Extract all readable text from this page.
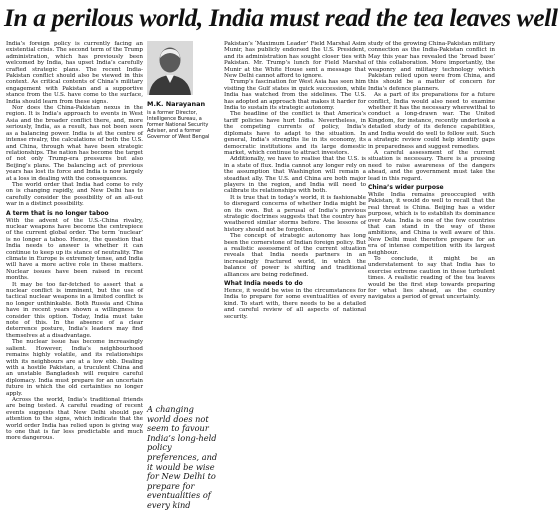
In a perilous world, India must read the tea leaves well

India’s foreign policy is currently facing an existential crisis. The second term of the Trump administration, which has previously been welcomed by India, has upset India’s carefully crafted strategic plans. The recent India-Pakistan conflict should also be viewed in this context. As critical contents of China’s military engagement with Pakistan and a supportive stance from the U.S. have come to the surface, India should learn from these signs.

Nor does the China-Pakistan nexus in the region. It is India’s approach to events in West Asia and the broader conflict there, and, more seriously, India, as a result, has not been seen as a balancing power. India is at the centre of intense rivalry, the calculations of both the U.S. and China, through what have been strategic relationships. The nation has become the target of not only Trump-era pressures but also Beijing’s plans. The balancing act of previous years has lost its force and India is now largely at a loss in dealing with the consequences.

The world order that India had come to rely on is changing rapidly, and New Delhi has to carefully consider the possibility of an all-out war in a distinct possibility.

A term that is no longer taboo

With the advent of the U.S.-China rivalry, nuclear weapons have become the centrepiece of the current global order. The term ‘nuclear’ is no longer a taboo. Hence, the question that India needs to answer is whether it can continue to keep up its stance of neutrality. The climate in Europe is extremely tense, and India will have a more active role in these matters. Nuclear issues have been raised in recent months.

It may be too far-fetched to assert that a nuclear conflict is imminent, but the use of tactical nuclear weapons in a limited conflict is no longer unthinkable. Both Russia and China have in recent years shown a willingness to consider this option. Today, India must take note of this. In the absence of a clear deterrence posture, India’s leaders may find themselves at a disadvantage.

The nuclear issue has become increasingly salient. However, India’s neighbourhood remains highly volatile, and its relationships with its neighbours are at a low ebb. Dealing with a hostile Pakistan, a truculent China and an unstable Bangladesh will require careful diplomacy. India must prepare for an uncertain future in which the old certainties no longer apply.

Across the world, India’s traditional friends are being tested. A careful reading of recent events suggests that New Delhi should pay attention to the signs, which indicate that the world order India has relied upon is giving way to one that is far less predictable and much more dangerous.

M.K. Narayanan
is a former Director, Intelligence Bureau, a former National Security Adviser, and a former Governor of West Bengal
A changing world does not seem to favour India’s long-held policy preferences, and it would be wise for New Delhi to prepare for eventualities of every kind

Pakistan’s ‘Maximum Leader’ Field Marshal Asim Munir, has publicly endorsed the U.S. President, and its administration has sought closer ties with Pakistan. Mr. Trump’s lunch for Field Marshal Munir at the White House sent a message that New Delhi cannot afford to ignore.

Trump’s fascination for West Asia has seen him visiting the Gulf states in quick succession, while India has watched from the sidelines. The U.S. has adopted an approach that makes it harder for India to sustain its strategic autonomy.

The headline of the conflict is that America’s tariff policies have hurt India. Nevertheless, in the competing currents of policy, India’s diplomats have to adapt to the situation. In general, India’s strengths lie in its economy, its democratic institutions and its large domestic market, which continue to attract investors.

Additionally, we have to realise that the U.S. is in a state of flux. India cannot any longer rely on the assumption that Washington will remain a steadfast ally. The U.S. and China are both major players in the region, and India will need to calibrate its relationships with both.

It is true that in today’s world, it is fashionable to disregard concerns of whether India might be on its own. But a perusal of India’s previous strategic doctrines suggests that the country has weathered similar storms before. The lessons of history should not be forgotten.

The concept of strategic autonomy has long been the cornerstone of Indian foreign policy. But a realistic assessment of the current situation reveals that India needs partners in an increasingly fractured world, in which the balance of power is shifting and traditional alliances are being redefined.

What India needs to do

Hence, it would be wise in the circumstances for India to prepare for some eventualities of every kind. To start with, there needs to be a detailed and careful review of all aspects of national security.

study of the growing China-Pakistan military connection as the India-Pakistan conflict in May this year has revealed the ‘broad base’ of this collaboration. More importantly, the weaponry and military technology which Pakistan relied upon were from China, and this should be a matter of concern for India’s defence planners.

As a part of its preparations for a future conflict, India would also need to examine whether it has the necessary wherewithal to conduct a long-drawn war. The United Kingdom, for instance, recently undertook a detailed study of its defence capabilities, and India would do well to follow suit. Such a strategic review could help identify gaps in preparedness and suggest remedies.

A careful assessment of the current situation is necessary. There is a pressing need to raise awareness of the dangers ahead, and the government must take the lead in this regard.

China’s wider purpose

While India remains preoccupied with Pakistan, it would do well to recall that the real threat is China. Beijing has a wider purpose, which is to establish its dominance over Asia. India is one of the few countries that can stand in the way of these ambitions, and China is well aware of this. New Delhi must therefore prepare for an era of intense competition with its largest neighbour.

To conclude, it might be an understatement to say that India has to exercise extreme caution in these turbulent times. A realistic reading of the tea leaves would be the first step towards preparing for what lies ahead, as the country navigates a period of great uncertainty.
